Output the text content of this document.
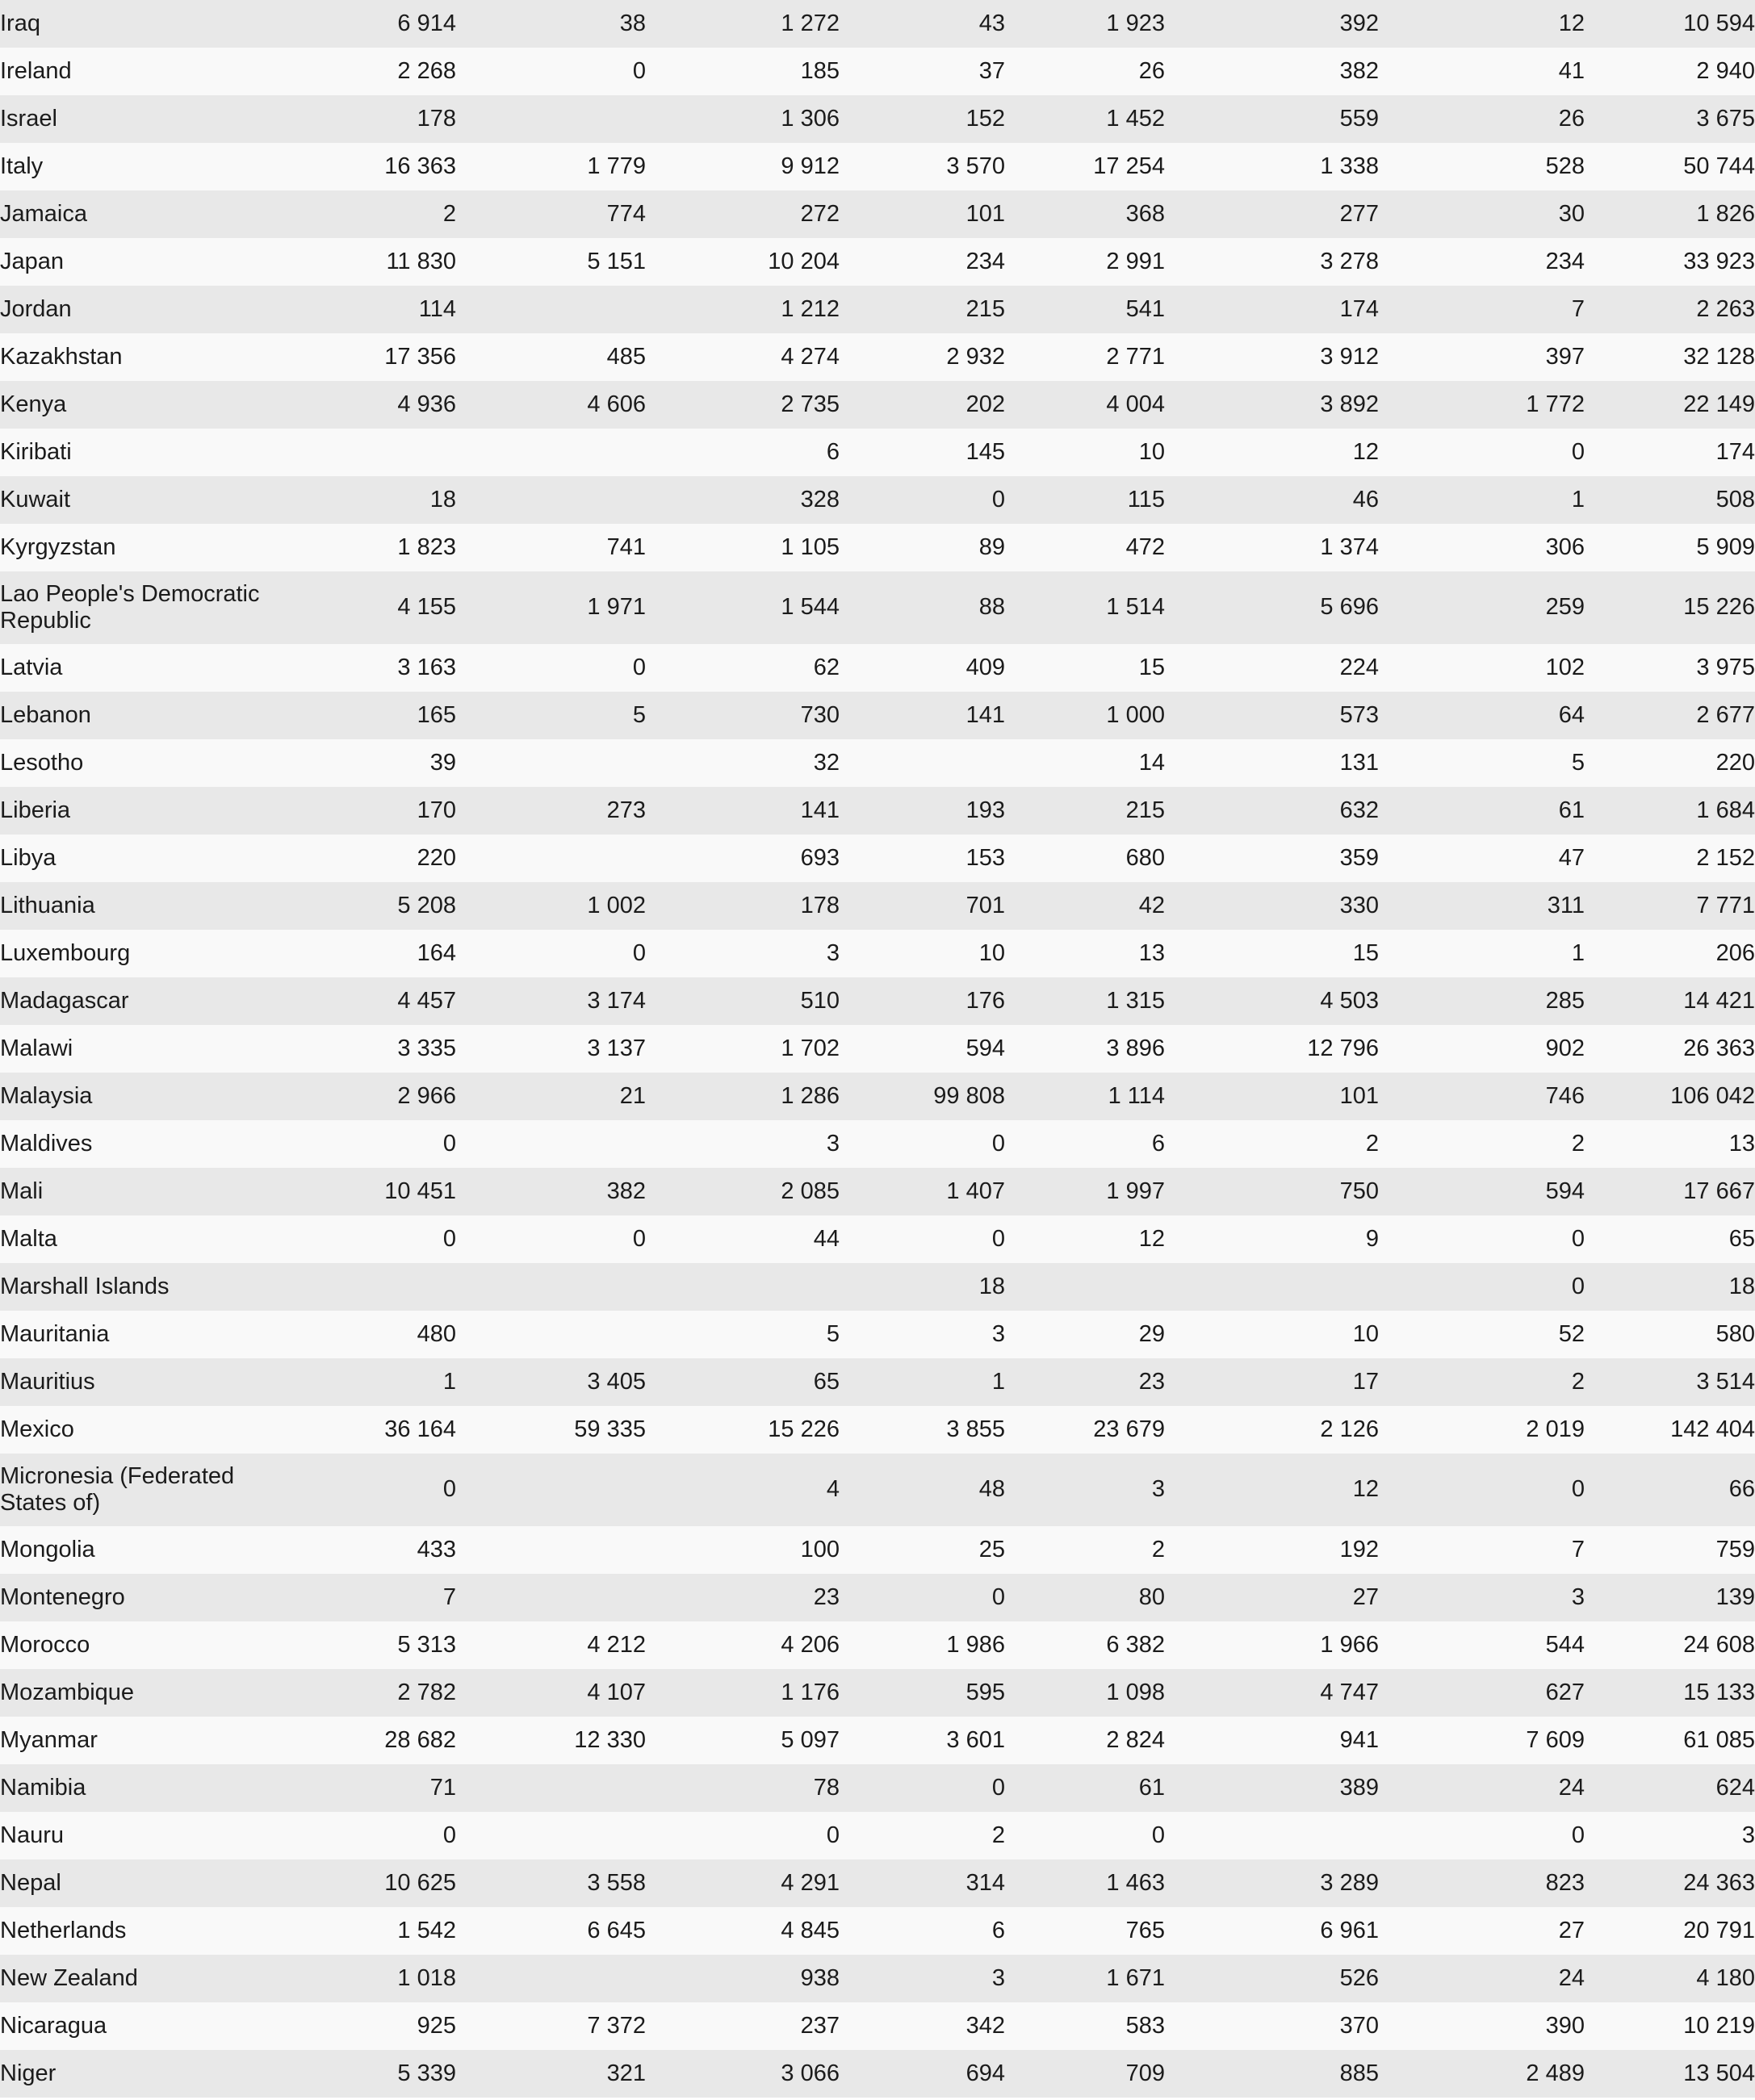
Iraq	6 914	38	1 272	43	1 923	392	12	10 594
Ireland	2 268	0	185	37	26	382	41	2 940
Israel	178		1 306	152	1 452	559	26	3 675
Italy	16 363	1 779	9 912	3 570	17 254	1 338	528	50 744
Jamaica	2	774	272	101	368	277	30	1 826
Japan	11 830	5 151	10 204	234	2 991	3 278	234	33 923
Jordan	114		1 212	215	541	174	7	2 263
Kazakhstan	17 356	485	4 274	2 932	2 771	3 912	397	32 128
Kenya	4 936	4 606	2 735	202	4 004	3 892	1 772	22 149
Kiribati			6	145	10	12	0	174
Kuwait	18		328	0	115	46	1	508
Kyrgyzstan	1 823	741	1 105	89	472	1 374	306	5 909
Lao People's Democratic Republic	4 155	1 971	1 544	88	1 514	5 696	259	15 226
Latvia	3 163	0	62	409	15	224	102	3 975
Lebanon	165	5	730	141	1 000	573	64	2 677
Lesotho	39		32		14	131	5	220
Liberia	170	273	141	193	215	632	61	1 684
Libya	220		693	153	680	359	47	2 152
Lithuania	5 208	1 002	178	701	42	330	311	7 771
Luxembourg	164	0	3	10	13	15	1	206
Madagascar	4 457	3 174	510	176	1 315	4 503	285	14 421
Malawi	3 335	3 137	1 702	594	3 896	12 796	902	26 363
Malaysia	2 966	21	1 286	99 808	1 114	101	746	106 042
Maldives	0		3	0	6	2	2	13
Mali	10 451	382	2 085	1 407	1 997	750	594	17 667
Malta	0	0	44	0	12	9	0	65
Marshall Islands				18			0	18
Mauritania	480		5	3	29	10	52	580
Mauritius	1	3 405	65	1	23	17	2	3 514
Mexico	36 164	59 335	15 226	3 855	23 679	2 126	2 019	142 404
Micronesia (Federated States of)	0		4	48	3	12	0	66
Mongolia	433		100	25	2	192	7	759
Montenegro	7		23	0	80	27	3	139
Morocco	5 313	4 212	4 206	1 986	6 382	1 966	544	24 608
Mozambique	2 782	4 107	1 176	595	1 098	4 747	627	15 133
Myanmar	28 682	12 330	5 097	3 601	2 824	941	7 609	61 085
Namibia	71		78	0	61	389	24	624
Nauru	0		0	2	0		0	3
Nepal	10 625	3 558	4 291	314	1 463	3 289	823	24 363
Netherlands	1 542	6 645	4 845	6	765	6 961	27	20 791
New Zealand	1 018		938	3	1 671	526	24	4 180
Nicaragua	925	7 372	237	342	583	370	390	10 219
Niger	5 339	321	3 066	694	709	885	2 489	13 504
